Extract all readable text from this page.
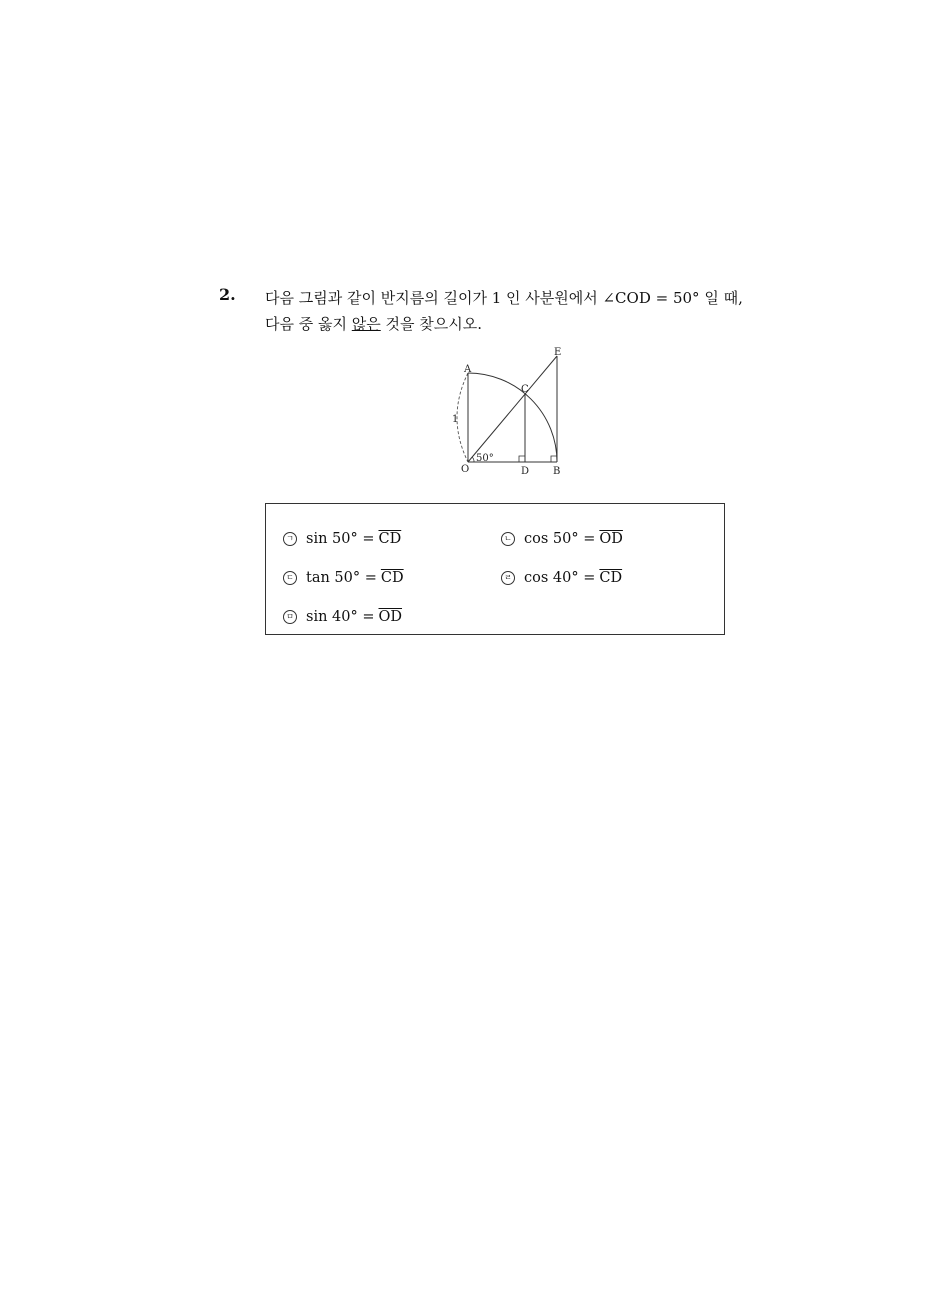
2. 다음 그림과 같이 반지름의 길이가 1 인 사분원에서 ∠COD = 50° 일 때,
다음 중 옳지 않은 것을 찾으시오.
A
C
E
O	D B
1
50°
ㄱ $\sin 50^\circ = \overline{CD}$	ㄴ $\cos 50^\circ = \overline{OD}$
ㄷ $\tan 50^\circ = \overline{CD}$	ㄹ $\cos 40^\circ = \overline{CD}$
ㅁ $\sin 40^\circ = \overline{OD}$
